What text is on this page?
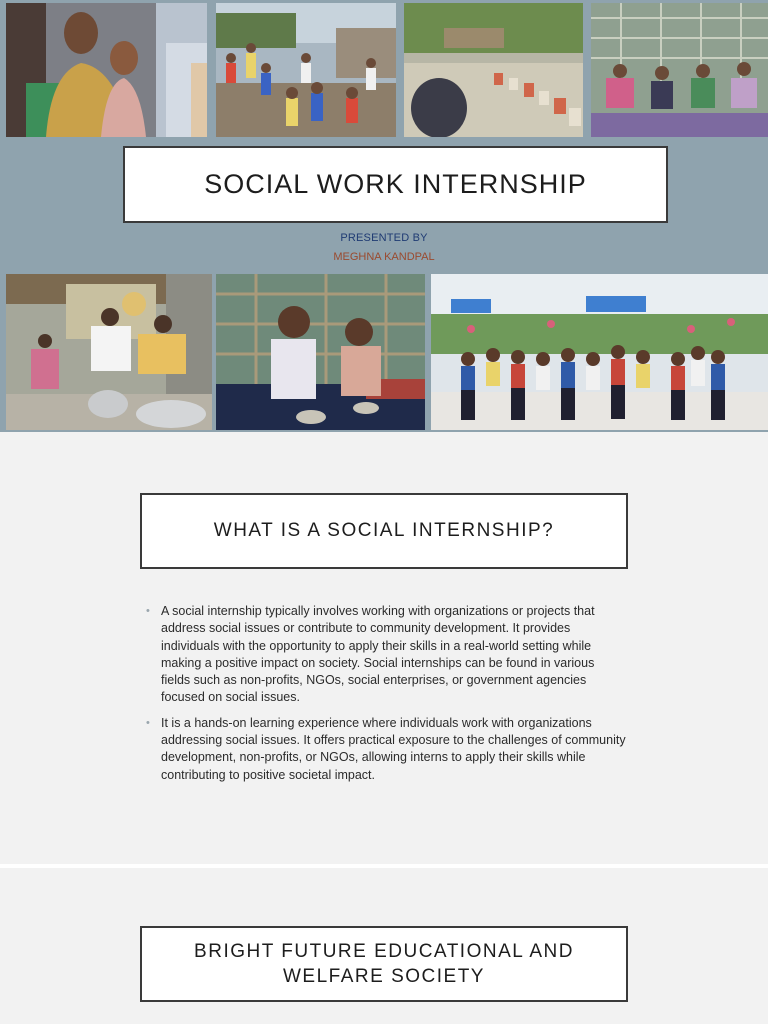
SOCIAL WORK INTERNSHIP
PRESENTED BY
MEGHNA KANDPAL
WHAT IS A SOCIAL INTERNSHIP?
• A social internship typically involves working with organizations or projects that address social issues or contribute to community development. It provides individuals with the opportunity to apply their skills in a real-world setting while making a positive impact on society. Social internships can be found in various fields such as non-profits, NGOs, social enterprises, or government agencies focused on social issues.
• It is a hands-on learning experience where individuals work with organizations addressing social issues. It offers practical exposure to the challenges of community development, non-profits, or NGOs, allowing interns to apply their skills while contributing to positive societal impact.
BRIGHT FUTURE EDUCATIONAL AND WELFARE SOCIETY
